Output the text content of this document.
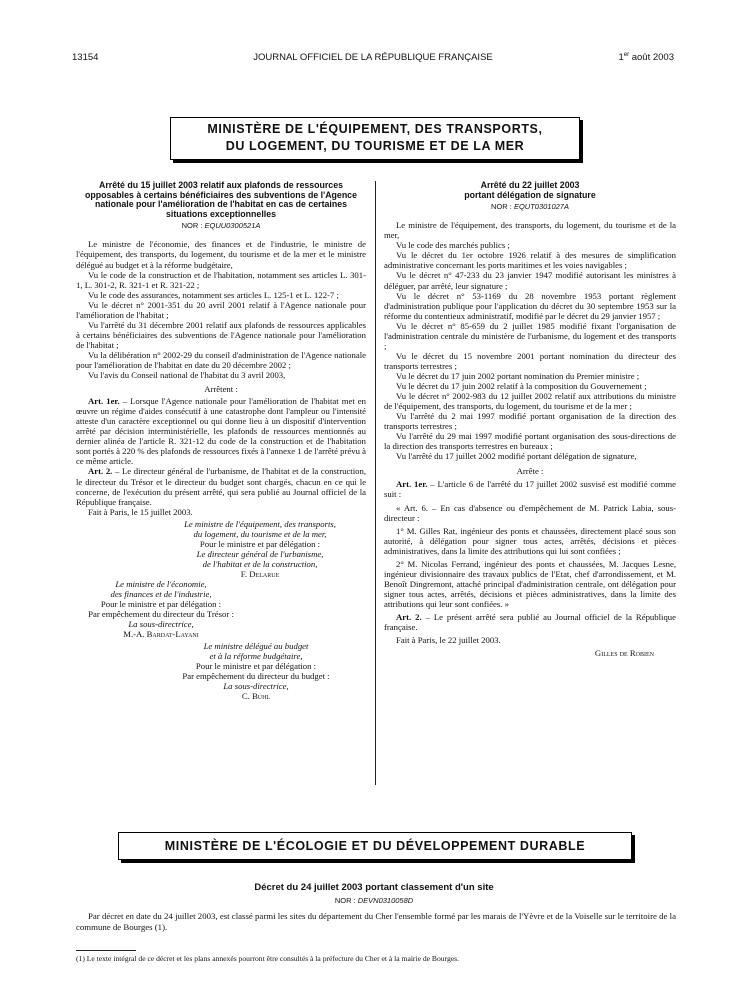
13154	JOURNAL OFFICIEL DE LA RÉPUBLIQUE FRANÇAISE	1er août 2003
MINISTÈRE DE L'ÉQUIPEMENT, DES TRANSPORTS,
DU LOGEMENT, DU TOURISME ET DE LA MER
Arrêté du 15 juillet 2003 relatif aux plafonds de ressources opposables à certains bénéficiaires des subventions de l'Agence nationale pour l'amélioration de l'habitat en cas de certaines situations exceptionnelles
NOR : EQUU0300521A

Le ministre de l'économie, des finances et de l'industrie, le ministre de l'équipement, des transports, du logement, du tourisme et de la mer et le ministre délégué au budget et à la réforme budgétaire,

Vu le code de la construction et de l'habitation, notamment ses articles L. 301-1, L. 301-2, R. 321-1 et R. 321-22 ;

Vu le code des assurances, notamment ses articles L. 125-1 et L. 122-7 ;

Vu le décret n° 2001-351 du 20 avril 2001 relatif à l'Agence nationale pour l'amélioration de l'habitat ;

Vu l'arrêté du 31 décembre 2001 relatif aux plafonds de ressources applicables à certains bénéficiaires des subventions de l'Agence nationale pour l'amélioration de l'habitat ;

Vu la délibération n° 2002-29 du conseil d'administration de l'Agence nationale pour l'amélioration de l'habitat en date du 20 décembre 2002 ;

Vu l'avis du Conseil national de l'habitat du 3 avril 2003,

Arrêtent :

Art. 1er. – Lorsque l'Agence nationale pour l'amélioration de l'habitat met en œuvre un régime d'aides consécutif à une catastrophe dont l'ampleur ou l'intensité atteste d'un caractère exceptionnel ou qui donne lieu à un dispositif d'intervention arrêté par décision interministérielle, les plafonds de ressources mentionnés au dernier alinéa de l'article R. 321-12 du code de la construction et de l'habitation sont portés à 220 % des plafonds de ressources fixés à l'annexe 1 de l'arrêté prévu à ce même article.

Art. 2. – Le directeur général de l'urbanisme, de l'habitat et de la construction, le directeur du Trésor et le directeur du budget sont chargés, chacun en ce qui le concerne, de l'exécution du présent arrêté, qui sera publié au Journal officiel de la République française.

Fait à Paris, le 15 juillet 2003.

Le ministre de l'équipement, des transports,
du logement, du tourisme et de la mer,
Pour le ministre et par délégation :
Le directeur général de l'urbanisme,
de l'habitat et de la construction,
F. Delarue
Le ministre de l'économie,
des finances et de l'industrie,
Pour le ministre et par délégation :
Par empêchement du directeur du Trésor :
La sous-directrice,
M.-A. Bardat-Layani
Le ministre délégué au budget
et à la réforme budgétaire,
Pour le ministre et par délégation :
Par empêchement du directeur du budget :
La sous-directrice,
C. Buhl
Arrêté du 22 juillet 2003
portant délégation de signature
NOR : EQUT0301027A

Le ministre de l'équipement, des transports, du logement, du tourisme et de la mer,

Vu le code des marchés publics ;

Vu le décret du 1er octobre 1926 relatif à des mesures de simplification administrative concernant les ports maritimes et les voies navigables ;

Vu le décret n° 47-233 du 23 janvier 1947 modifié autorisant les ministres à déléguer, par arrêté, leur signature ;

Vu le décret n° 53-1169 du 28 novembre 1953 portant règlement d'administration publique pour l'application du décret du 30 septembre 1953 sur la réforme du contentieux administratif, modifié par le décret du 29 janvier 1957 ;

Vu le décret n° 85-659 du 2 juillet 1985 modifié fixant l'organisation de l'administration centrale du ministère de l'urbanisme, du logement et des transports ;

Vu le décret du 15 novembre 2001 portant nomination du directeur des transports terrestres ;

Vu le décret du 17 juin 2002 portant nomination du Premier ministre ;

Vu le décret du 17 juin 2002 relatif à la composition du Gouvernement ;

Vu le décret n° 2002-983 du 12 juillet 2002 relatif aux attributions du ministre de l'équipement, des transports, du logement, du tourisme et de la mer ;

Vu l'arrêté du 2 mai 1997 modifié portant organisation de la direction des transports terrestres ;

Vu l'arrêté du 29 mai 1997 modifié portant organisation des sous-directions de la direction des transports terrestres en bureaux ;

Vu l'arrêté du 17 juillet 2002 modifié portant délégation de signature,

Arrête :

Art. 1er. – L'article 6 de l'arrêté du 17 juillet 2002 susvisé est modifié comme suit :

« Art. 6. – En cas d'absence ou d'empêchement de M. Patrick Labia, sous-directeur :

1° M. Gilles Rat, ingénieur des ponts et chaussées, directement placé sous son autorité, à délégation pour signer tous actes, arrêtés, décisions et pièces administratives, dans la limite des attributions qui lui sont confiées ;

2° M. Nicolas Ferrand, ingénieur des ponts et chaussées, M. Jacques Lesne, ingénieur divisionnaire des travaux publics de l'Etat, chef d'arrondissement, et M. Benoît Dingremont, attaché principal d'administration centrale, ont délégation pour signer tous actes, arrêtés, décisions et pièces administratives, dans la limite des attributions qui leur sont confiées. »

Art. 2. – Le présent arrêté sera publié au Journal officiel de la République française.

Fait à Paris, le 22 juillet 2003.

Gilles de Robien
MINISTÈRE DE L'ÉCOLOGIE ET DU DÉVELOPPEMENT DURABLE
Décret du 24 juillet 2003 portant classement d'un site
NOR : DEVN0310058D
Par décret en date du 24 juillet 2003, est classé parmi les sites du département du Cher l'ensemble formé par les marais de l'Yèvre et de la Voiselle sur le territoire de la commune de Bourges (1).
(1) Le texte intégral de ce décret et les plans annexés pourront être consultés à la préfecture du Cher et à la mairie de Bourges.
